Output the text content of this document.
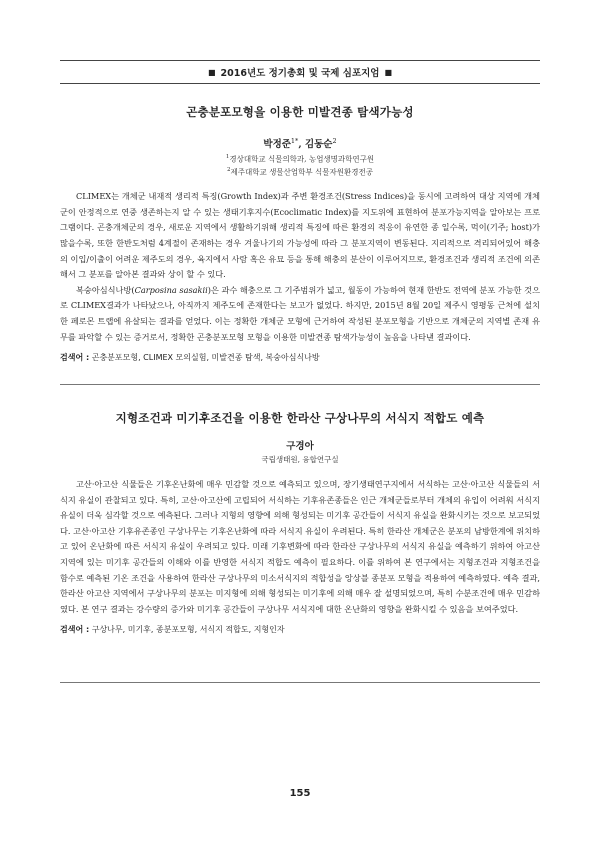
■ 2016년도 정기총회 및 국제 심포지엄 ■
곤충분포모형을 이용한 미발견종 탐색가능성
박정준$^{1*}$, 김동순$^2$
$^1$경상대학교 식물의학과, 농업생명과학연구원
$^2$제주대학교 생물산업학부 식물자원환경전공

CLIMEX는 개체군 내재적 생리적 특징(Growth Index)과 주변 환경조건(Stress Indices)을 동시에 고려하여 대상 지역에 개체군이 안정적으로 연중 생존하는지 알 수 있는 생태기후지수(Ecoclimatic Index)를 지도위에 표현하여 분포가능지역을 알아보는 프로그램이다. 곤충개체군의 경우, 새로운 지역에서 생활하기위해 생리적 특징에 따른 환경의 적응이 유연한 종 일수록, 먹이(기주; host)가 많을수록, 또한 한반도처럼 4계절이 존재하는 경우 겨울나기의 가능성에 따라 그 분포지역이 변동된다. 지리적으로 격리되어있어 해충의 이입/이출이 어려운 제주도의 경우, 육지에서 사람 혹은 유묘 등을 통해 해충의 분산이 이루어지므로, 환경조건과 생리적 조건에 의존해서 그 분포를 알아본 결과와 상이 할 수 있다.

복숭아심식나방(Carposina sasakii)은 과수 해충으로 그 기주범위가 넓고, 월동이 가능하여 현재 한반도 전역에 분포 가능한 것으로 CLIMEX결과가 나타났으나, 아직까지 제주도에 존재한다는 보고가 없었다. 하지만, 2015년 8월 20일 제주시 영평동 근처에 설치한 페로몬 트랩에 유살되는 결과를 얻었다. 이는 정확한 개체군 모형에 근거하여 작성된 분포모형을 기반으로 개체군의 지역별 존재 유무를 파악할 수 있는 증거로서, 정확한 곤충분포모형 모형을 이용한 미발견종 탐색가능성이 높음을 나타낸 결과이다.

검색어 : 곤충분포모형, CLIMEX 모의실험, 미발견종 탐색, 복숭아심식나방
지형조건과 미기후조건을 이용한 한라산 구상나무의 서식지 적합도 예측
구경아
국립생태원, 융합연구실

고산·아고산 식물들은 기후온난화에 매우 민감할 것으로 예측되고 있으며, 장기생태연구지에서 서식하는 고산·아고산 식물들의 서식지 유실이 관찰되고 있다. 특히, 고산·아고산에 고립되어 서식하는 기후유존종들은 인근 개체군들로부터 개체의 유입이 어려워 서식지 유실이 더욱 심각할 것으로 예측된다. 그러나 지형의 영향에 의해 형성되는 미기후 공간들이 서식지 유실을 완화시키는 것으로 보고되었다. 고산·아고산 기후유존종인 구상나무는 기후온난화에 따라 서식지 유실이 우려된다. 특히 한라산 개체군은 분포의 남방한계에 위치하고 있어 온난화에 따른 서식지 유실이 우려되고 있다. 미래 기후변화에 따라 한라산 구상나무의 서식지 유실을 예측하기 위하여 아고산지역에 있는 미기후 공간들의 이해와 이를 반영한 서식지 적합도 예측이 필요하다. 이를 위하여 본 연구에서는 지형조건과 지형조건을 함수로 예측된 기온 조건을 사용하여 한라산 구상나무의 미소서식지의 적합성을 앙상블 종분포 모형을 적용하여 예측하였다. 예측 결과, 한라산 아고산 지역에서 구상나무의 분포는 미지형에 의해 형성되는 미기후에 의해 매우 잘 설명되었으며, 특히 수분조건에 매우 민감하였다. 본 연구 결과는 강수량의 증가와 미기후 공간들이 구상나무 서식지에 대한 온난화의 영향을 완화시킬 수 있음을 보여주었다.

검색어 : 구상나무, 미기후, 종분포모형, 서식지 적합도, 지형인자
155
